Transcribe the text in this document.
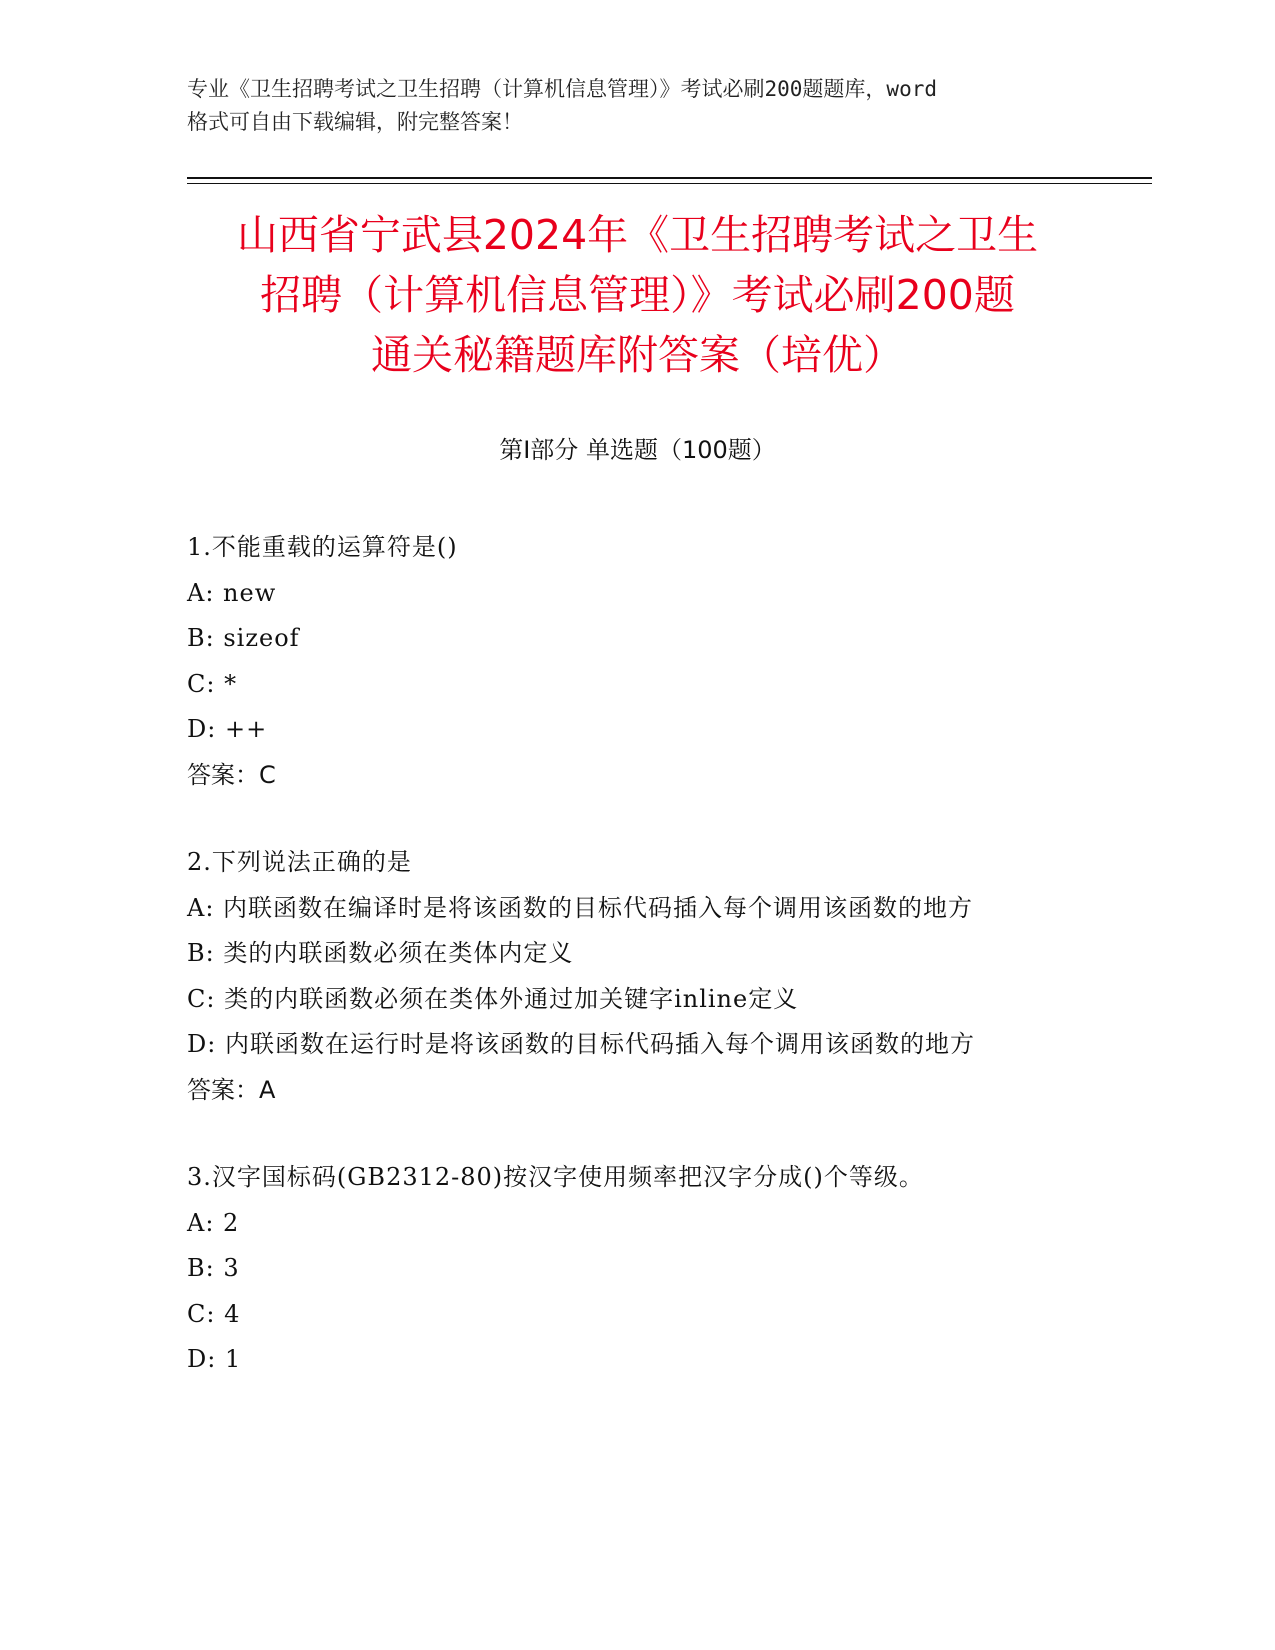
专业《卫生招聘考试之卫生招聘（计算机信息管理）》考试必刷200题题库，word
格式可自由下载编辑，附完整答案！
山西省宁武县2024年《卫生招聘考试之卫生
招聘（计算机信息管理）》考试必刷200题
通关秘籍题库附答案（培优）
第Ⅰ部分 单选题（100题）
1.不能重载的运算符是()
A: new
B: sizeof
C: *
D: ++
答案：C
2.下列说法正确的是
A: 内联函数在编译时是将该函数的目标代码插入每个调用该函数的地方
B: 类的内联函数必须在类体内定义
C: 类的内联函数必须在类体外通过加关键字inline定义
D: 内联函数在运行时是将该函数的目标代码插入每个调用该函数的地方
答案：A
3.汉字国标码(GB2312-80)按汉字使用频率把汉字分成()个等级。
A: 2
B: 3
C: 4
D: 1
